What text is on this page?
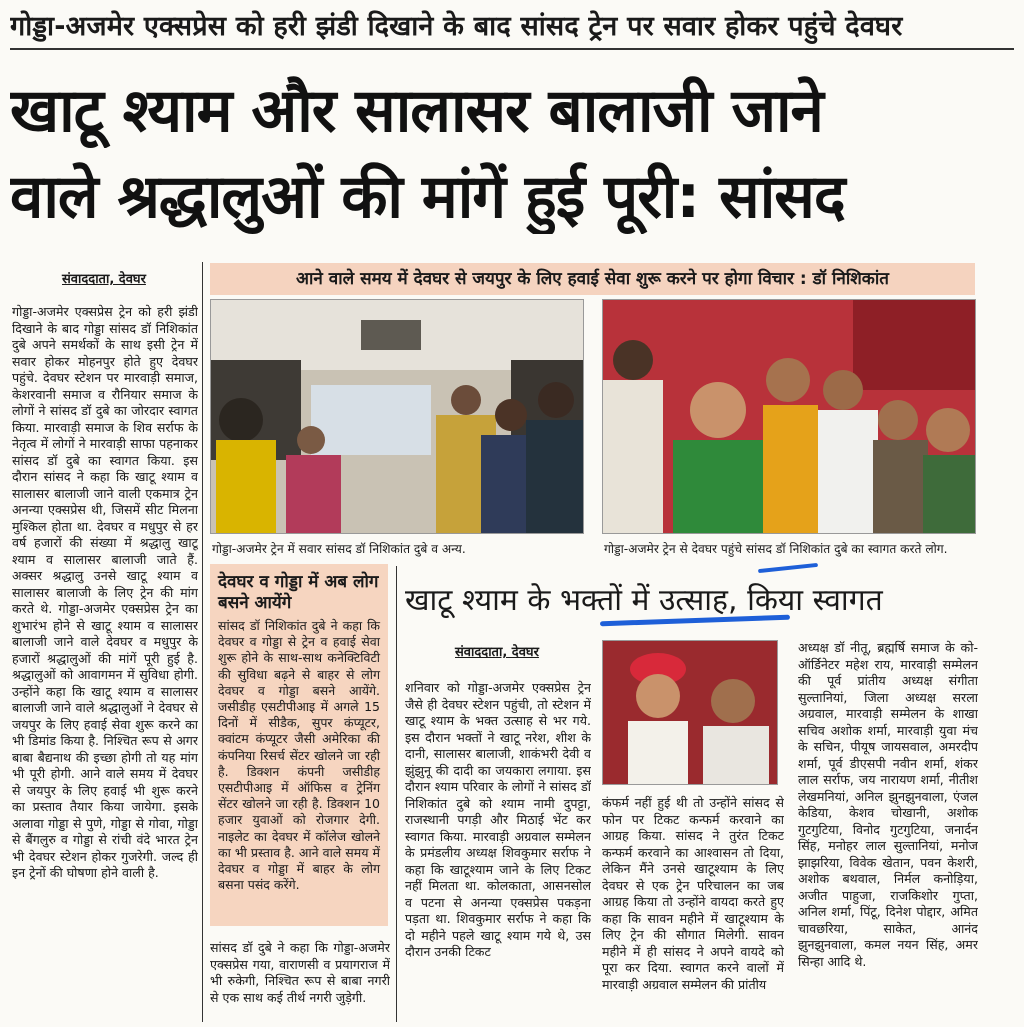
गोड्डा-अजमेर एक्सप्रेस को हरी झंडी दिखाने के बाद सांसद ट्रेन पर सवार होकर पहुंचे देवघर
खाटू श्याम और सालासर बालाजी जाने
वाले श्रद्धालुओं की मांगें हुई पूरी: सांसद
आने वाले समय में देवघर से जयपुर के लिए हवाई सेवा शुरू करने पर होगा विचार : डॉ निशिकांत
संवाददाता, देवघर
गोड्डा-अजमेर एक्सप्रेस ट्रेन को हरी झंडी दिखाने के बाद गोड्डा सांसद डॉ निशिकांत दुबे अपने समर्थकों के साथ इसी ट्रेन में सवार होकर मोहनपुर होते हुए देवघर पहुंचे. देवघर स्टेशन पर मारवाड़ी समाज, केशरवानी समाज व रौनियार समाज के लोगों ने सांसद डॉ दुबे का जोरदार स्वागत किया. मारवाड़ी समाज के शिव सर्राफ के नेतृत्व में लोगों ने मारवाड़ी साफा पहनाकर सांसद डॉ दुबे का स्वागत किया. इस दौरान सांसद ने कहा कि खाटू श्याम व सालासर बालाजी जाने वाली एकमात्र ट्रेन अनन्या एक्सप्रेस थी, जिसमें सीट मिलना मुश्किल होता था. देवघर व मधुपुर से हर वर्ष हजारों की संख्या में श्रद्धालु खाटू श्याम व सालासर बालाजी जाते हैं. अक्सर श्रद्धालु उनसे खाटू श्याम व सालासर बालाजी के लिए ट्रेन की मांग करते थे. गोड्डा-अजमेर एक्सप्रेस ट्रेन का शुभारंभ होने से खाटू श्याम व सालासर बालाजी जाने वाले देवघर व मधुपुर के हजारों श्रद्धालुओं की मांगें पूरी हुई है. श्रद्धालुओं को आवागमन में सुविधा होगी. उन्होंने कहा कि खाटू श्याम व सालासर बालाजी जाने वाले श्रद्धालुओं ने देवघर से जयपुर के लिए हवाई सेवा शुरू करने का भी डिमांड किया है. निश्चित रूप से अगर बाबा बैद्यनाथ की इच्छा होगी तो यह मांग भी पूरी होगी. आने वाले समय में देवघर से जयपुर के लिए हवाई भी शुरू करने का प्रस्ताव तैयार किया जायेगा. इसके अलावा गोड्डा से पुणे, गोड्डा से गोवा, गोड्डा से बैंगलुरु व गोड्डा से रांची वंदे भारत ट्रेन भी देवघर स्टेशन होकर गुजरेगी. जल्द ही इन ट्रेनों की घोषणा होने वाली है.
गोड्डा-अजमेर ट्रेन में सवार सांसद डॉ निशिकांत दुबे व अन्य.	गोड्डा-अजमेर ट्रेन से देवघर पहुंचे सांसद डॉ निशिकांत दुबे का स्वागत करते लोग.
देवघर व गोड्डा में अब लोग बसने आयेंगे

सांसद डॉ निशिकांत दुबे ने कहा कि देवघर व गोड्डा से ट्रेन व हवाई सेवा शुरू होने के साथ-साथ कनेक्टिविटी की सुविधा बढ़ने से बाहर से लोग देवघर व गोड्डा बसने आयेंगे. जसीडीह एसटीपीआइ में अगले 15 दिनों में सीडैक, सुपर कंप्यूटर, क्वांटम कंप्यूटर जैसी अमेरिका की कंपनिया रिसर्च सेंटर खोलने जा रही है. डिक्शन कंपनी जसीडीह एसटीपीआइ में ऑफिस व ट्रेनिंग सेंटर खोलने जा रही है. डिक्शन 10 हजार युवाओं को रोजगार देगी. नाइलेट का देवघर में कॉलेज खोलने का भी प्रस्ताव है. आने वाले समय में देवघर व गोड्डा में बाहर के लोग बसना पसंद करेंगे.

सांसद डॉ दुबे ने कहा कि गोड्डा-अजमेर एक्सप्रेस गया, वाराणसी व प्रयागराज में भी रुकेगी, निश्चित रूप से बाबा नगरी से एक साथ कई तीर्थ नगरी जुड़ेगी.
खाटू श्याम के भक्तों में उत्साह, किया स्वागत
संवाददाता, देवघर
शनिवार को गोड्डा-अजमेर एक्सप्रेस ट्रेन जैसे ही देवघर स्टेशन पहुंची, तो स्टेशन में खाटू श्याम के भक्त उत्साह से भर गये. इस दौरान भक्तों ने खाटू नरेश, शीश के दानी, सालासर बालाजी, शाकंभरी देवी व झुंझुनू की दादी का जयकारा लगाया. इस दौरान श्याम परिवार के लोगों ने सांसद डॉ निशिकांत दुबे को श्याम नामी दुपट्टा, राजस्थानी पगड़ी और मिठाई भेंट कर स्वागत किया. मारवाड़ी अग्रवाल सम्मेलन के प्रमंडलीय अध्यक्ष शिवकुमार सर्राफ ने कहा कि खाटूश्याम जाने के लिए टिकट नहीं मिलता था. कोलकाता, आसनसोल व पटना से अनन्या एक्सप्रेस पकड़ना पड़ता था. शिवकुमार सर्राफ ने कहा कि दो महीने पहले खाटू श्याम गये थे, उस दौरान उनकी टिकट
कंफर्म नहीं हुई थी तो उन्होंने सांसद से फोन पर टिकट कन्फर्म करवाने का आग्रह किया. सांसद ने तुरंत टिकट कन्फर्म करवाने का आश्वासन तो दिया, लेकिन मैंने उनसे खाटूश्याम के लिए देवघर से एक ट्रेन परिचालन का जब आग्रह किया तो उन्होंने वायदा करते हुए कहा कि सावन महीने में खाटूश्याम के लिए ट्रेन की सौगात मिलेगी. सावन महीने में ही सांसद ने अपने वायदे को पूरा कर दिया. स्वागत करने वालों में मारवाड़ी अग्रवाल सम्मेलन की प्रांतीय
अध्यक्ष डॉ नीतू, ब्रह्मर्षि समाज के को-ऑर्डिनेटर महेश राय, मारवाड़ी सम्मेलन की पूर्व प्रांतीय अध्यक्ष संगीता सुल्तानियां, जिला अध्यक्ष सरला अग्रवाल, मारवाड़ी सम्मेलन के शाखा सचिव अशोक शर्मा, मारवाड़ी युवा मंच के सचिन, पीयूष जायसवाल, अमरदीप शर्मा, पूर्व डीएसपी नवीन शर्मा, शंकर लाल सर्राफ, जय नारायण शर्मा, नीतीश लेखमनियां, अनिल झुनझुनवाला, एंजल केडिया, केशव चोखानी, अशोक गुटगुटिया, विनोद गुटगुटिया, जनार्दन सिंह, मनोहर लाल सुल्तानियां, मनोज झाझरिया, विवेक खेतान, पवन केशरी, अशोक बथवाल, निर्मल कनोड़िया, अजीत पाहुजा, राजकिशोर गुप्ता, अनिल शर्मा, पिंटू, दिनेश पोद्दार, अमित चावछरिया, साकेत, आनंद झुनझुनवाला, कमल नयन सिंह, अमर सिन्हा आदि थे.
